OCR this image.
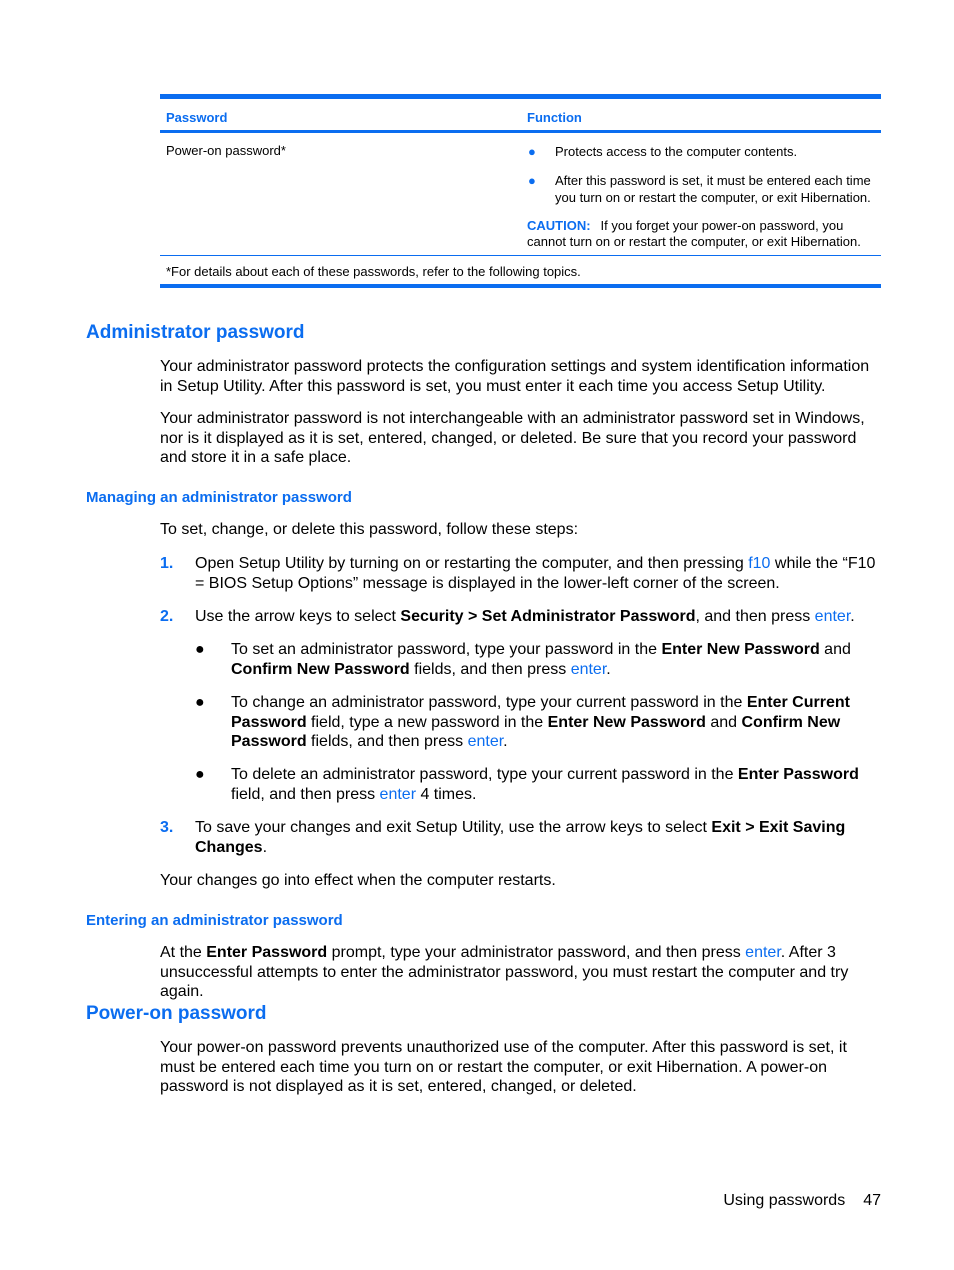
Password	Function
Power-on password*	● Protects access to the computer contents.
● After this password is set, it must be entered each time you turn on or restart the computer, or exit Hibernation.
CAUTION: If you forget your power-on password, you cannot turn on or restart the computer, or exit Hibernation.
*For details about each of these passwords, refer to the following topics.
Administrator password
Your administrator password protects the configuration settings and system identification information in Setup Utility. After this password is set, you must enter it each time you access Setup Utility.
Your administrator password is not interchangeable with an administrator password set in Windows, nor is it displayed as it is set, entered, changed, or deleted. Be sure that you record your password and store it in a safe place.
Managing an administrator password
To set, change, or delete this password, follow these steps:
1. Open Setup Utility by turning on or restarting the computer, and then pressing f10 while the “F10 = BIOS Setup Options” message is displayed in the lower-left corner of the screen.
2. Use the arrow keys to select Security > Set Administrator Password, and then press enter.
● To set an administrator password, type your password in the Enter New Password and Confirm New Password fields, and then press enter.
● To change an administrator password, type your current password in the Enter Current Password field, type a new password in the Enter New Password and Confirm New Password fields, and then press enter.
● To delete an administrator password, type your current password in the Enter Password field, and then press enter 4 times.
3. To save your changes and exit Setup Utility, use the arrow keys to select Exit > Exit Saving Changes.
Your changes go into effect when the computer restarts.
Entering an administrator password
At the Enter Password prompt, type your administrator password, and then press enter. After 3 unsuccessful attempts to enter the administrator password, you must restart the computer and try again.
Power-on password
Your power-on password prevents unauthorized use of the computer. After this password is set, it must be entered each time you turn on or restart the computer, or exit Hibernation. A power-on password is not displayed as it is set, entered, changed, or deleted.
Using passwords 47
